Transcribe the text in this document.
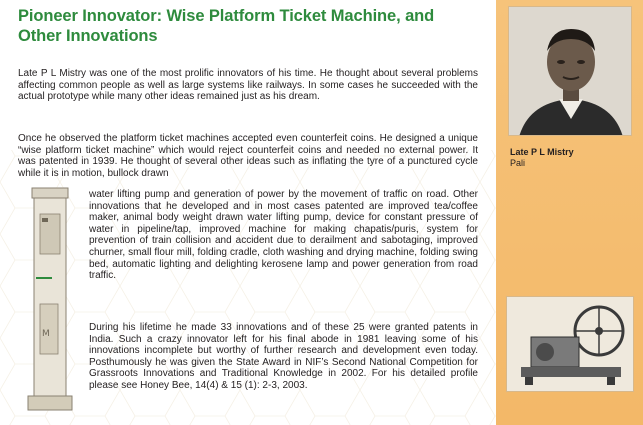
Pioneer Innovator: Wise Platform Ticket Machine, and
Other Innovations

Late P L Mistry was one of the most prolific innovators of his time. He thought about several problems affecting common people as well as large systems like railways. In some cases he succeeded with the actual prototype while many other ideas remained just as his dream.

Once he observed the platform ticket machines accepted even counterfeit coins. He designed a unique “wise platform ticket machine” which would reject counterfeit coins and needed no external power. It was patented in 1939. He thought of several other ideas such as inflating the tyre of a punctured cycle while it is in motion, bullock drawn

M

water lifting pump and generation of power by the movement of traffic on road. Other innovations that he developed and in most cases patented are improved tea/coffee maker, animal body weight drawn water lifting pump, device for constant pressure of water in pipeline/tap, improved machine for making chapatis/puris, system for prevention of train collision and accident due to derailment and sabotaging, improved churner, small flour mill, folding cradle, cloth washing and drying machine, folding swing bed, automatic lighting and delighting kerosene lamp and power generation from road traffic.

During his lifetime he made 33 innovations and of these 25 were granted patents in India. Such a crazy innovator left for his final abode in 1981 leaving some of his innovations incomplete but worthy of further research and development even today. Posthumously he was given the State Award in NIF’s Second National Competition for Grassroots Innovations and Traditional Knowledge in 2002. For his detailed profile please see Honey Bee, 14(4) & 15 (1): 2-3, 2003.

Late P L Mistry
Pali
